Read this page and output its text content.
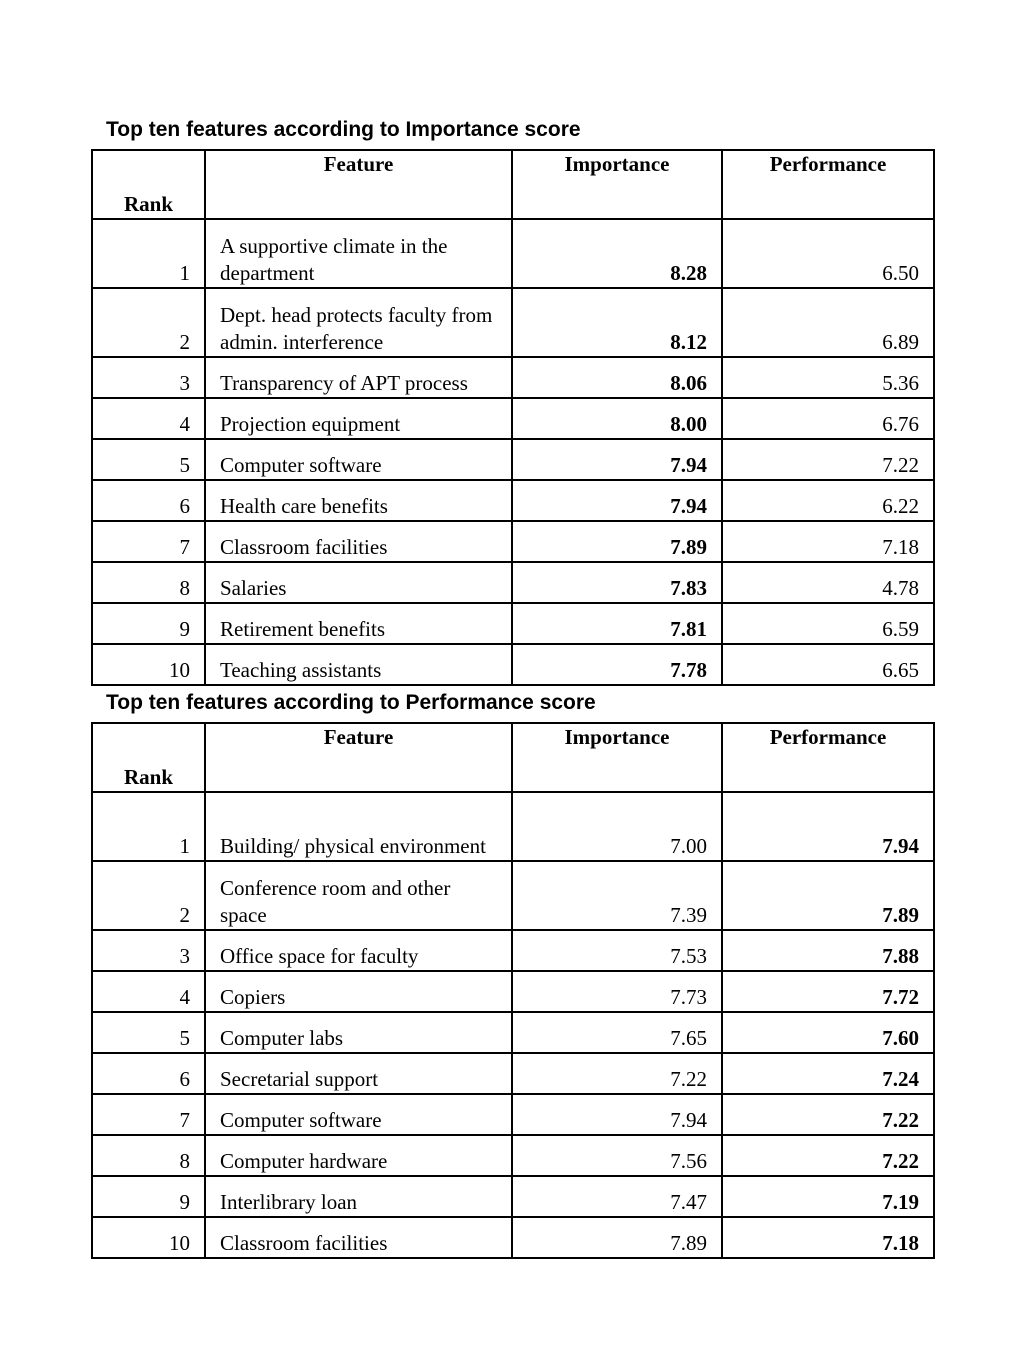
Top ten features according to Importance score
Rank	Feature	Importance	Performance
1	A supportive climate in the department	8.28	6.50
2	Dept. head protects faculty from admin. interference	8.12	6.89
3	Transparency of APT process	8.06	5.36
4	Projection equipment	8.00	6.76
5	Computer software	7.94	7.22
6	Health care benefits	7.94	6.22
7	Classroom facilities	7.89	7.18
8	Salaries	7.83	4.78
9	Retirement benefits	7.81	6.59
10	Teaching assistants	7.78	6.65
Top ten features according to Performance score
Rank	Feature	Importance	Performance
1	Building/ physical environment	7.00	7.94
2	Conference room and other space	7.39	7.89
3	Office space for faculty	7.53	7.88
4	Copiers	7.73	7.72
5	Computer labs	7.65	7.60
6	Secretarial support	7.22	7.24
7	Computer software	7.94	7.22
8	Computer hardware	7.56	7.22
9	Interlibrary loan	7.47	7.19
10	Classroom facilities	7.89	7.18
